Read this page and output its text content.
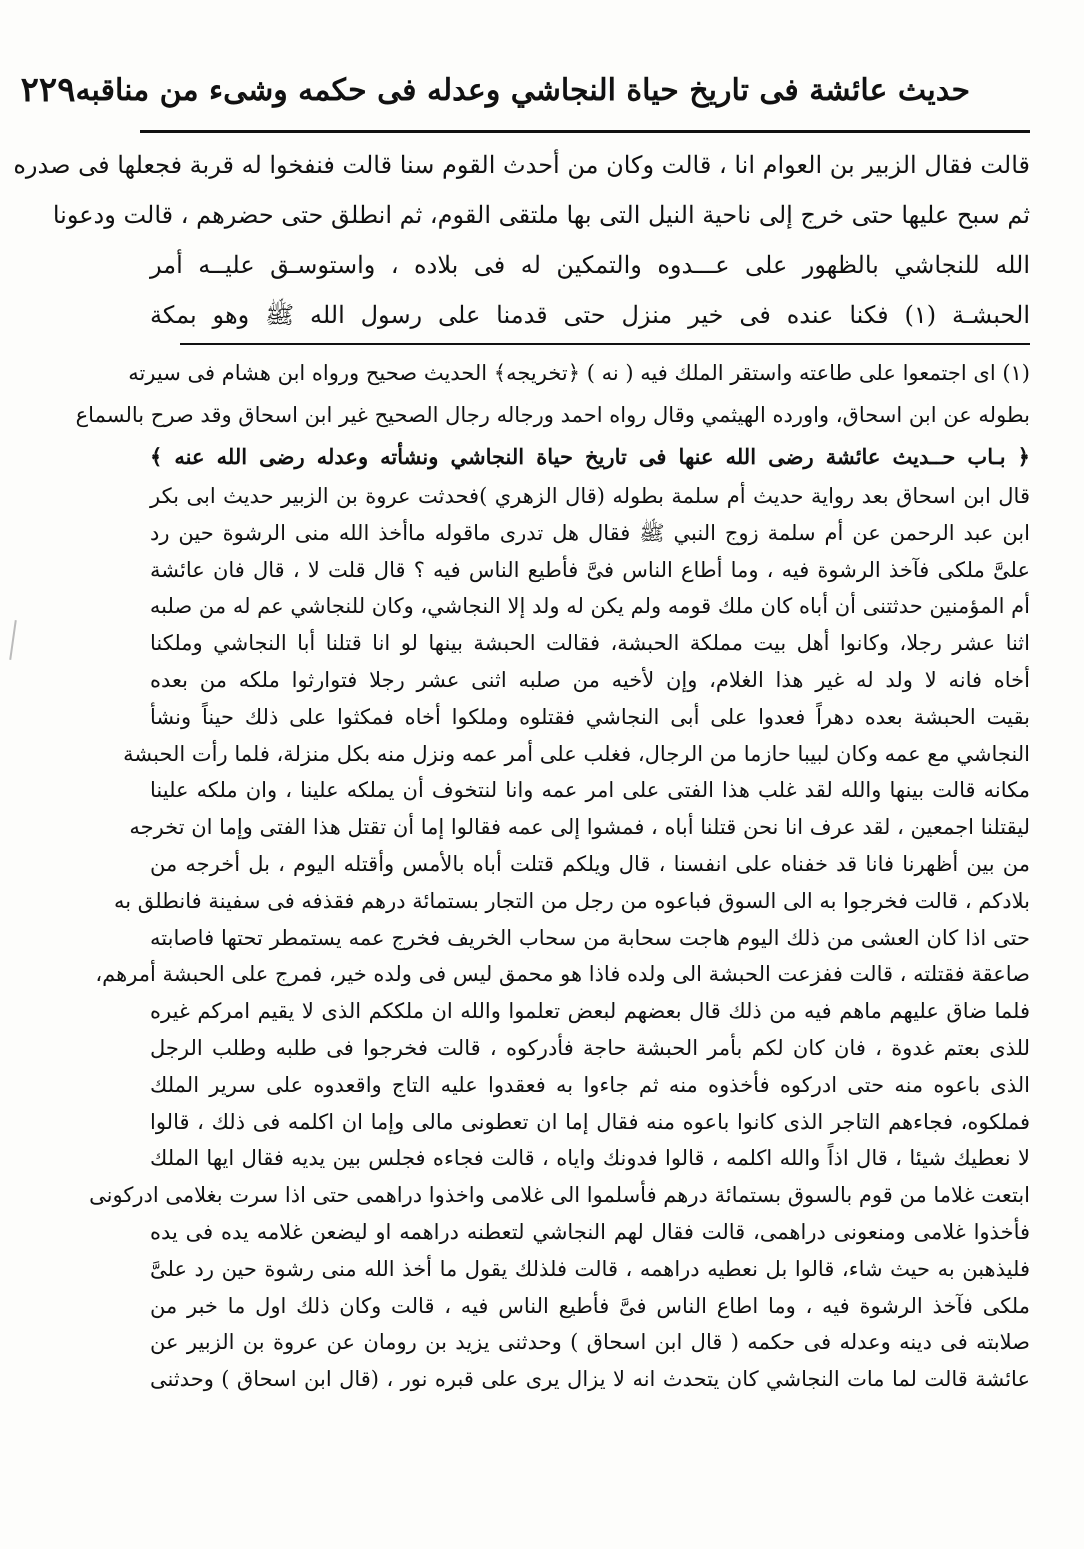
حديث عائشة فى تاريخ حياة النجاشي وعدله فى حكمه وشىء من مناقبه
٢٢٩

قالت فقال الزبير بن العوام انا ، قالت وكان من أحدث القوم سنا قالت فنفخوا له قربة فجعلها فى صدره

ثم سبح عليها حتى خرج إلى ناحية النيل التى بها ملتقى القوم، ثم انطلق حتى حضرهم ، قالت ودعونا

الله للنجاشي بالظهور على عـــدوه والتمكين له فى بلاده ، واستوسـق عليــه أمر

الحبشـة (١) فكنا عنده فى خير منزل حتى قدمنا على رسول الله ﷺ وهو بمكة

(١) اى اجتمعوا على طاعته واستقر الملك فيه ( نه ) ﴿تخريجه﴾ الحديث صحيح ورواه ابن هشام فى سيرته

بطوله عن ابن اسحاق، واورده الهيثمي وقال رواه احمد ورجاله رجال الصحيح غير ابن اسحاق وقد صرح بالسماع

﴿ بـاب حــديث عائشة رضى الله عنها فى تاريخ حياة النجاشي ونشأته وعدله رضى الله عنه ﴾

قال ابن اسحاق بعد رواية حديث أم سلمة بطوله (قال الزهري )فحدثت عروة بن الزبير حديث ابى بكر

ابن عبد الرحمن عن أم سلمة زوج النبي ﷺ فقال هل تدرى ماقوله ماأخذ الله منى الرشوة حين رد

علىَّ ملكى فآخذ الرشوة فيه ، وما أطاع الناس فىَّ فأطيع الناس فيه ؟ قال قلت لا ، قال فان عائشة

أم المؤمنين حدثتنى أن أباه كان ملك قومه ولم يكن له ولد إلا النجاشي، وكان للنجاشي عم له من صلبه

اثنا عشر رجلا، وكانوا أهل بيت مملكة الحبشة، فقالت الحبشة بينها لو انا قتلنا أبا النجاشي وملكنا

أخاه فانه لا ولد له غير هذا الغلام، وإن لأخيه من صلبه اثنى عشر رجلا فتوارثوا ملكه من بعده

بقيت الحبشة بعده دهراً فعدوا على أبى النجاشي فقتلوه وملكوا أخاه فمكثوا على ذلك حيناً ونشأ

النجاشي مع عمه وكان لبيبا حازما من الرجال، فغلب على أمر عمه ونزل منه بكل منزلة، فلما رأت الحبشة

مكانه قالت بينها والله لقد غلب هذا الفتى على امر عمه وانا لنتخوف أن يملكه علينا ، وان ملكه علينا

ليقتلنا اجمعين ، لقد عرف انا نحن قتلنا أباه ، فمشوا إلى عمه فقالوا إما أن تقتل هذا الفتى وإما ان تخرجه

من بين أظهرنا فانا قد خفناه على انفسنا ، قال ويلكم قتلت أباه بالأمس وأقتله اليوم ، بل أخرجه من

بلادكم ، قالت فخرجوا به الى السوق فباعوه من رجل من التجار بستمائة درهم فقذفه فى سفينة فانطلق به

حتى اذا كان العشى من ذلك اليوم هاجت سحابة من سحاب الخريف فخرج عمه يستمطر تحتها فاصابته

صاعقة فقتلته ، قالت ففزعت الحبشة الى ولده فاذا هو محمق ليس فى ولده خير، فمرج على الحبشة أمرهم،

فلما ضاق عليهم ماهم فيه من ذلك قال بعضهم لبعض تعلموا والله ان ملككم الذى لا يقيم امركم غيره

للذى بعتم غدوة ، فان كان لكم بأمر الحبشة حاجة فأدركوه ، قالت فخرجوا فى طلبه وطلب الرجل

الذى باعوه منه حتى ادركوه فأخذوه منه ثم جاءوا به فعقدوا عليه التاج واقعدوه على سرير الملك

فملكوه، فجاءهم التاجر الذى كانوا باعوه منه فقال إما ان تعطونى مالى وإما ان اكلمه فى ذلك ، قالوا

لا نعطيك شيئا ، قال اذاً والله اكلمه ، قالوا فدونك واياه ، قالت فجاءه فجلس بين يديه فقال ايها الملك

ابتعت غلاما من قوم بالسوق بستمائة درهم فأسلموا الى غلامى واخذوا دراهمى حتى اذا سرت بغلامى ادركونى

فأخذوا غلامى ومنعونى دراهمى، قالت فقال لهم النجاشي لتعطنه دراهمه او ليضعن غلامه يده فى يده

فليذهبن به حيث شاء، قالوا بل نعطيه دراهمه ، قالت فلذلك يقول ما أخذ الله منى رشوة حين رد علىَّ

ملكى فآخذ الرشوة فيه ، وما اطاع الناس فىَّ فأطيع الناس فيه ، قالت وكان ذلك اول ما خبر من

صلابته فى دينه وعدله فى حكمه ( قال ابن اسحاق ) وحدثنى يزيد بن رومان عن عروة بن الزبير عن

عائشة قالت لما مات النجاشي كان يتحدث انه لا يزال يرى على قبره نور ، (قال ابن اسحاق ) وحدثنى
